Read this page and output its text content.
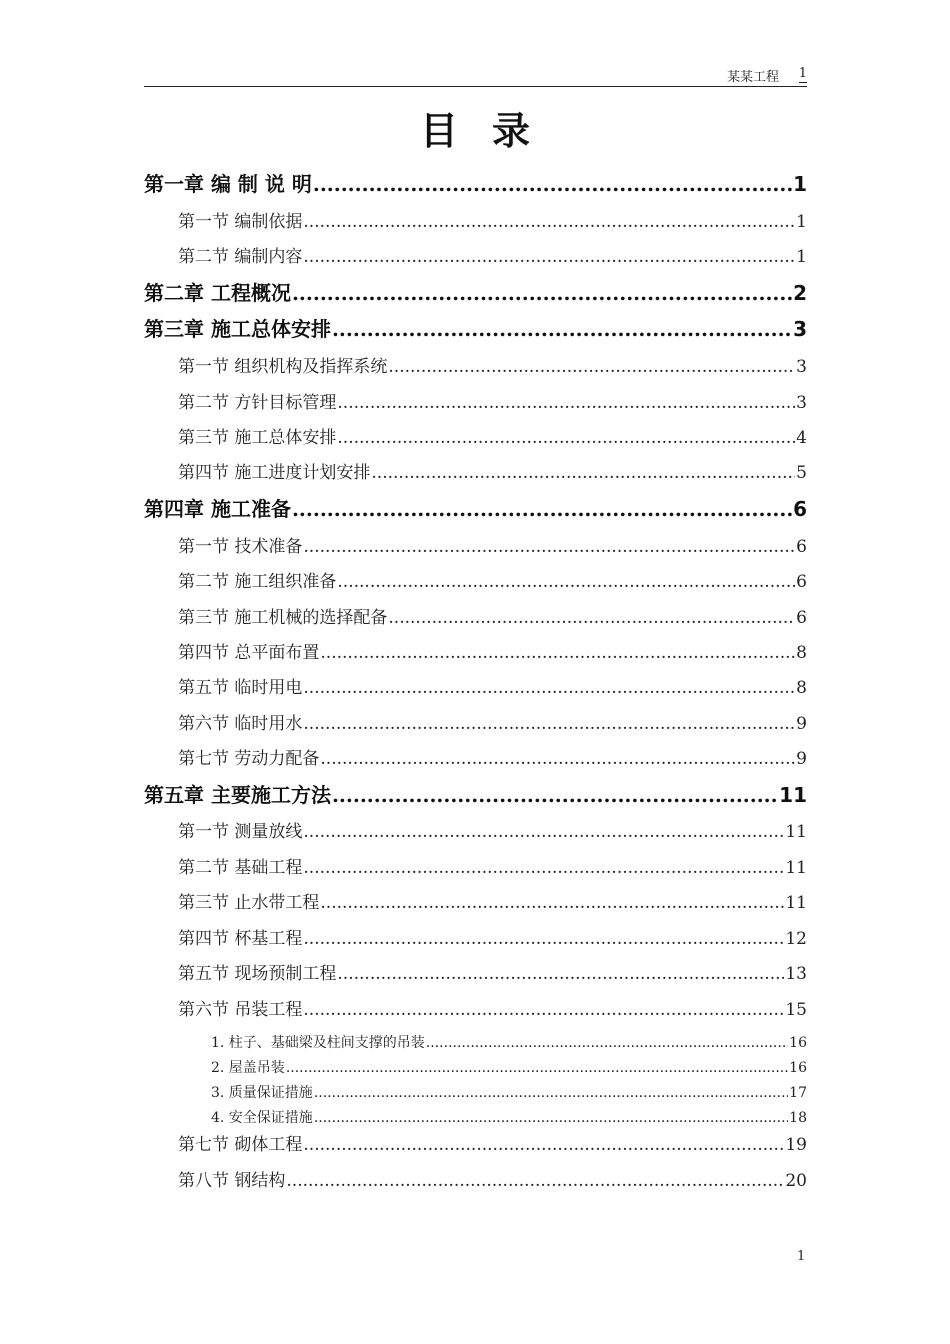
某某工程 1
目录
第一章 编 制 说 明 .....	1
第一节 编制依据 .....	1
第二节 编制内容 .....	1
第二章 工程概况 .....	2
第三章 施工总体安排 .....	3
第一节 组织机构及指挥系统 .....	3
第二节 方针目标管理 .....	3
第三节 施工总体安排 .....	4
第四节 施工进度计划安排 .....	5
第四章 施工准备 .....	6
第一节 技术准备 .....	6
第二节 施工组织准备 .....	6
第三节 施工机械的选择配备 .....	6
第四节 总平面布置 .....	8
第五节 临时用电 .....	8
第六节 临时用水 .....	9
第七节 劳动力配备 .....	9
第五章 主要施工方法 .....	11
第一节 测量放线 .....	11
第二节 基础工程 .....	11
第三节 止水带工程 .....	11
第四节 杯基工程 .....	12
第五节 现场预制工程 .....	13
第六节 吊装工程 .....	15
1. 柱子、基础梁及柱间支撑的吊装 .....	16
2. 屋盖吊装 .....	16
3. 质量保证措施 .....	17
4. 安全保证措施 .....	18
第七节 砌体工程 .....	19
第八节 钢结构 .....	20
1
